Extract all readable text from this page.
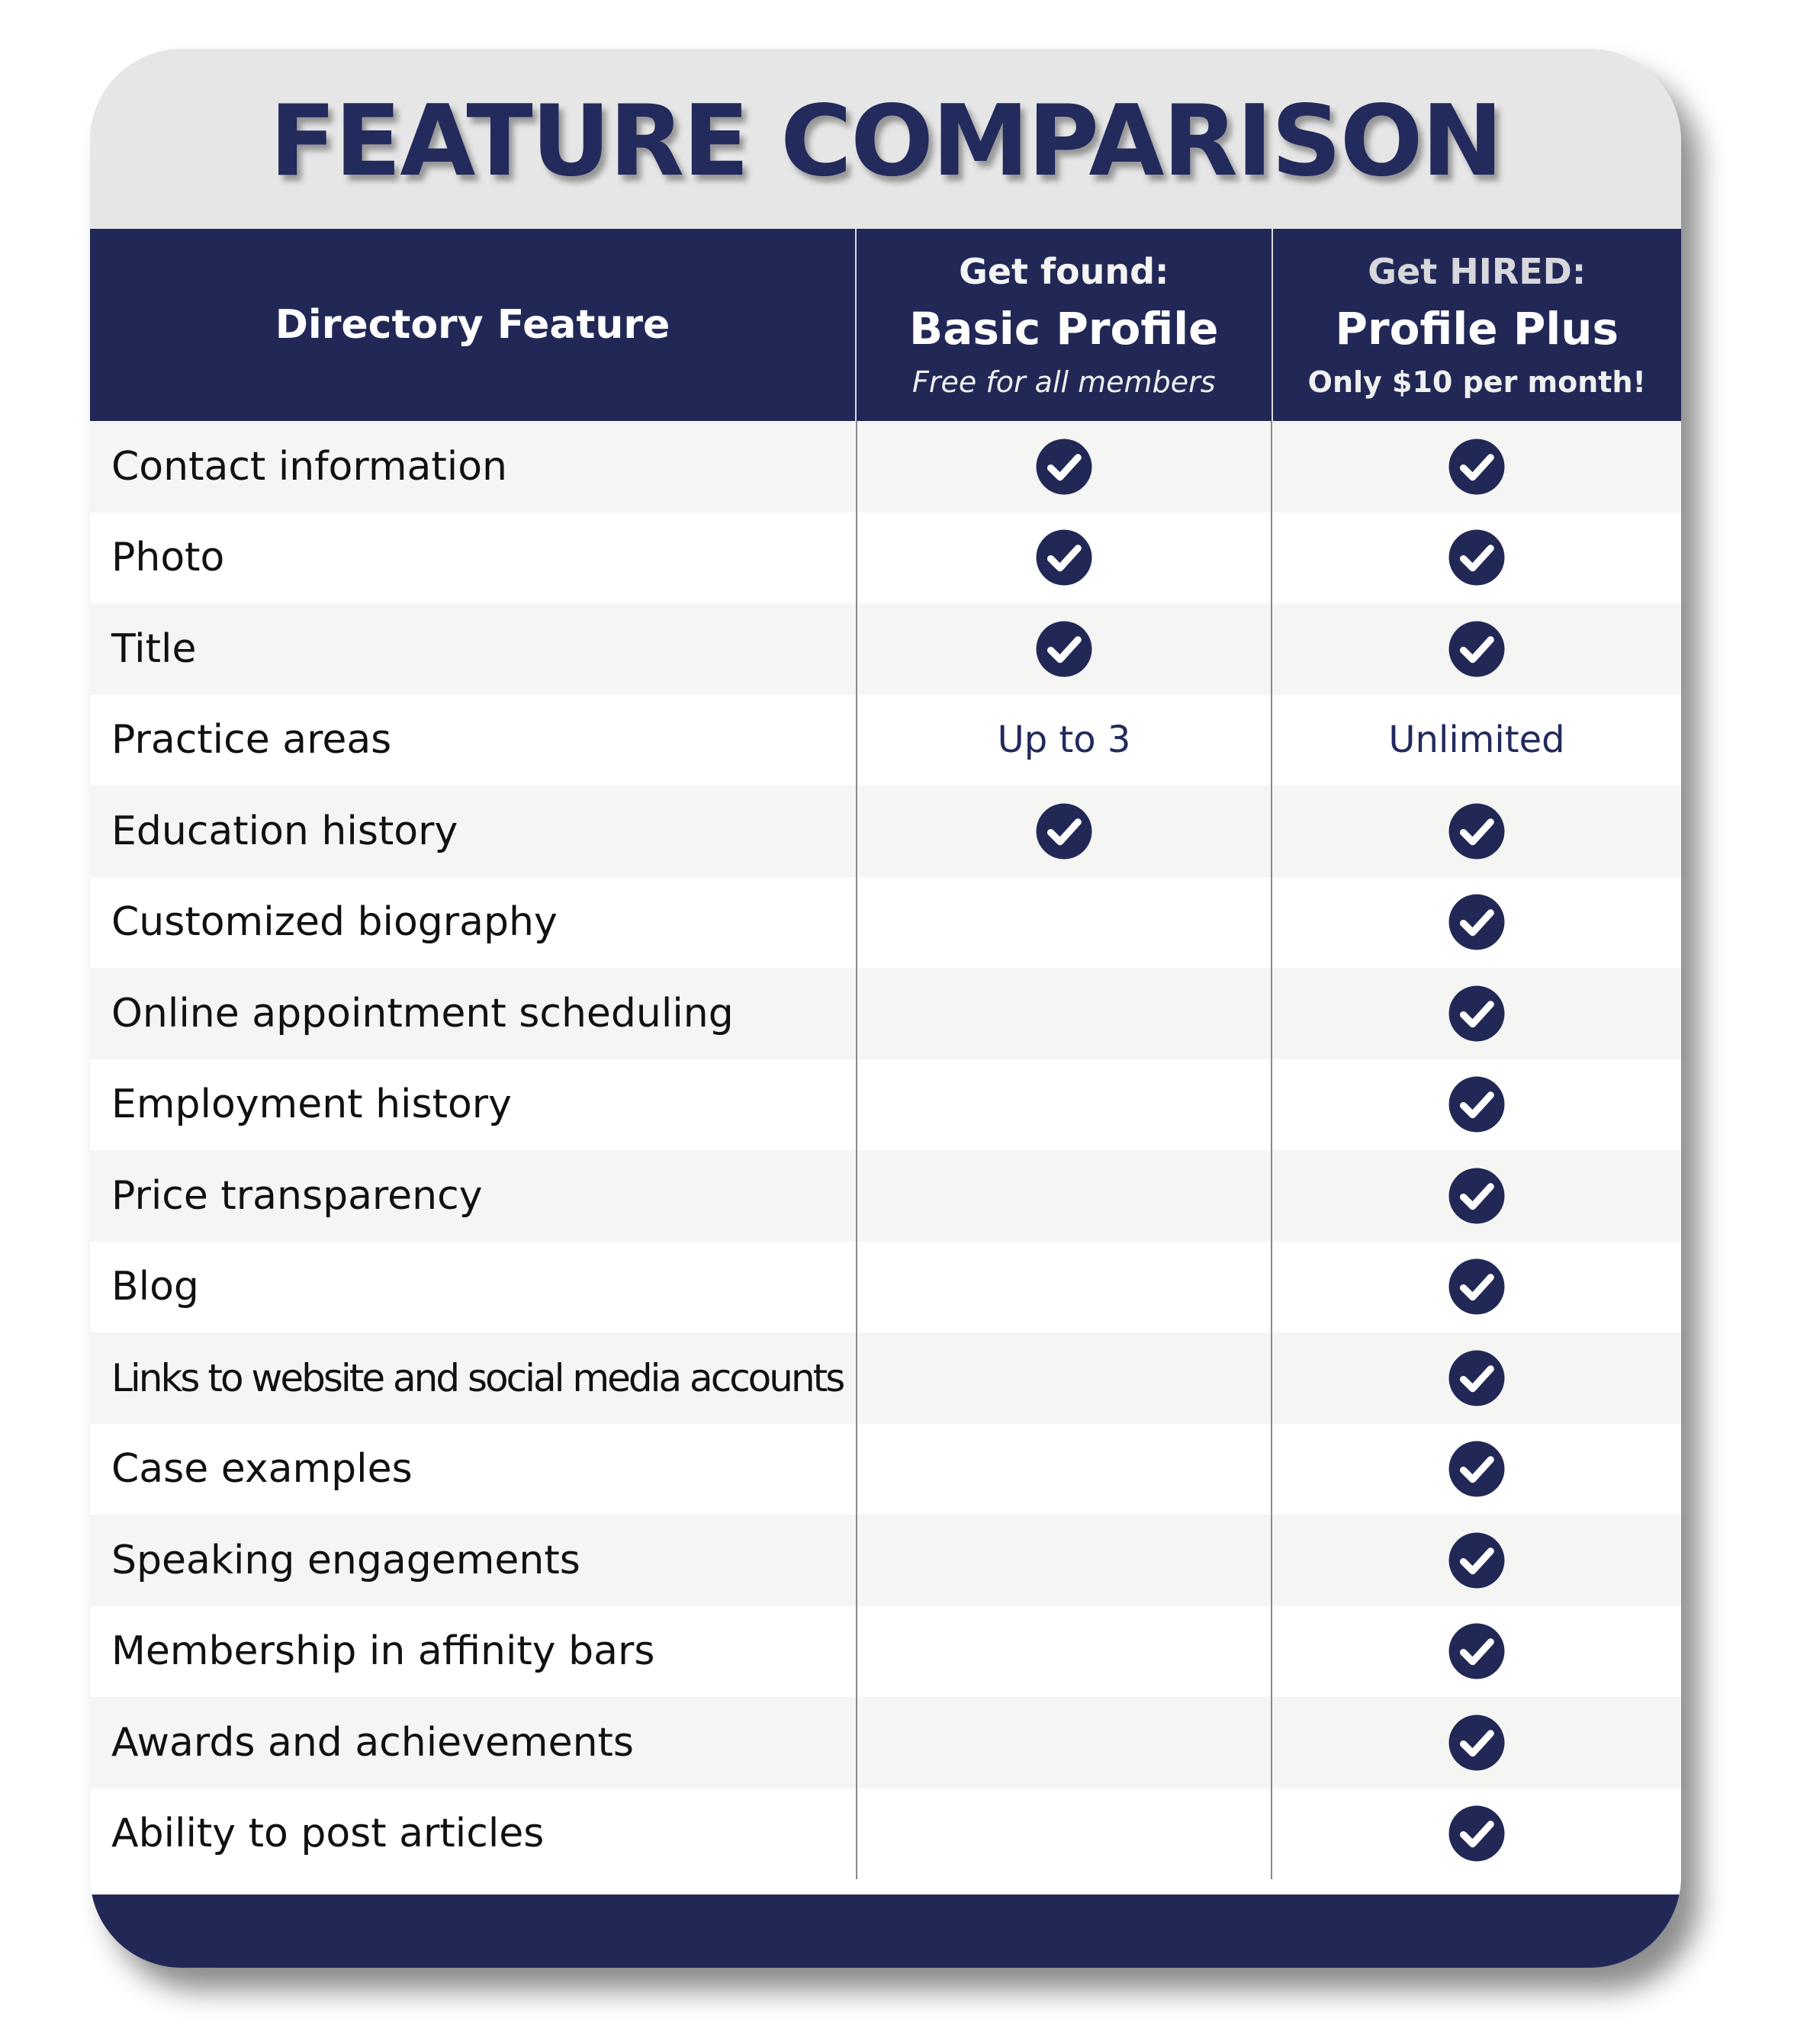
FEATURE COMPARISON
Directory Feature
Get found:
Basic Profile
Free for all members
Get HIRED:
Profile Plus
Only $10 per month!
Contact information
Photo
Title
Practice areas	Up to 3	Unlimited
Education history
Customized biography
Online appointment scheduling
Employment history
Price transparency
Blog
Links to website and social media accounts
Case examples
Speaking engagements
Membership in affinity bars
Awards and achievements
Ability to post articles
